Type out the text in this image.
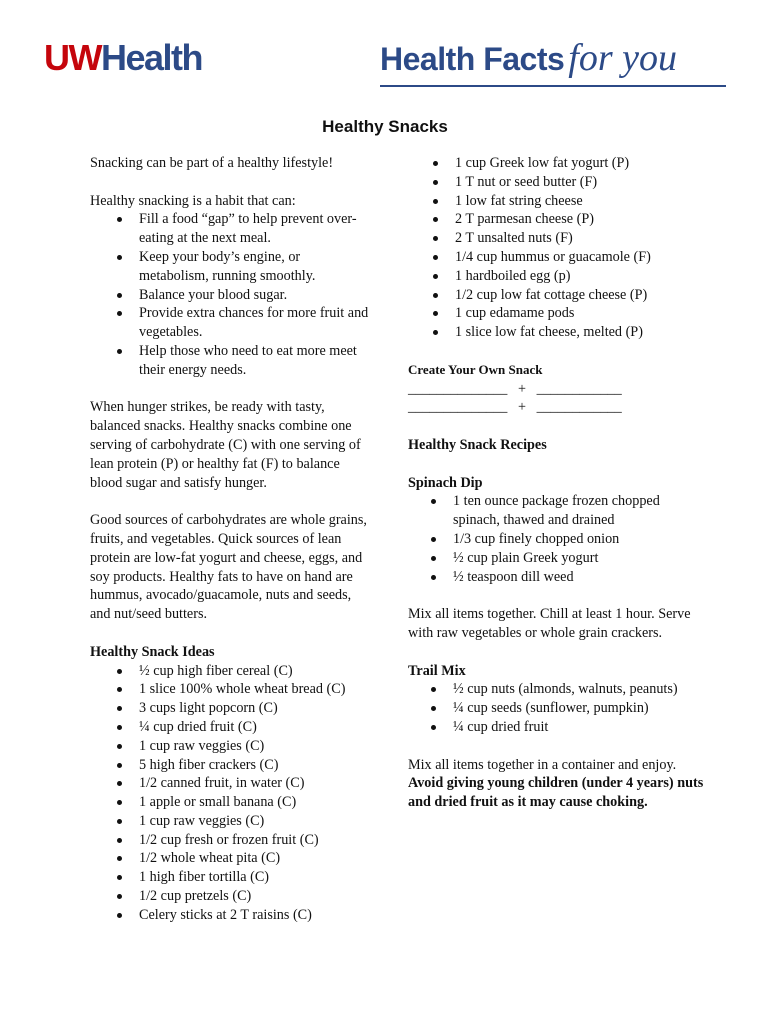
UWHealth	Health Facts for you
Healthy Snacks

Snacking can be part of a healthy lifestyle!

Healthy snacking is a habit that can:

Fill a food “gap” to help prevent over-eating at the next meal.
Keep your body’s engine, or metabolism, running smoothly.
Balance your blood sugar.
Provide extra chances for more fruit and vegetables.
Help those who need to eat more meet their energy needs.

When hunger strikes, be ready with tasty, balanced snacks. Healthy snacks combine one serving of carbohydrate (C) with one serving of lean protein (P) or healthy fat (F) to balance blood sugar and satisfy hunger.

Good sources of carbohydrates are whole grains, fruits, and vegetables. Quick sources of lean protein are low-fat yogurt and cheese, eggs, and soy products. Healthy fats to have on hand are hummus, avocado/guacamole, nuts and seeds, and nut/seed butters.

Healthy Snack Ideas

½ cup high fiber cereal (C)
1 slice 100% whole wheat bread (C)
3 cups light popcorn (C)
¼ cup dried fruit (C)
1 cup raw veggies (C)
5 high fiber crackers (C)
1/2 canned fruit, in water (C)
1 apple or small banana (C)
1 cup raw veggies (C)
1/2 cup fresh or frozen fruit (C)
1/2 whole wheat pita (C)
1 high fiber tortilla (C)
1/2 cup pretzels (C)
Celery sticks at 2 T raisins (C)
1 cup Greek low fat yogurt (P)
1 T nut or seed butter (F)
1 low fat string cheese
2 T parmesan cheese (P)
2 T unsalted nuts (F)
1/4 cup hummus or guacamole (F)
1 hardboiled egg (p)
1/2 cup low fat cottage cheese (P)
1 cup edamame pods
1 slice low fat cheese, melted (P)

Create Your Own Snack

______________   +   ____________

______________   +   ____________

Healthy Snack Recipes

Spinach Dip

1 ten ounce package frozen chopped spinach, thawed and drained
1/3 cup finely chopped onion
½ cup plain Greek yogurt
½ teaspoon dill weed

Mix all items together. Chill at least 1 hour. Serve with raw vegetables or whole grain crackers.

Trail Mix

½ cup nuts (almonds, walnuts, peanuts)
¼ cup seeds (sunflower, pumpkin)
¼ cup dried fruit

Mix all items together in a container and enjoy. Avoid giving young children (under 4 years) nuts and dried fruit as it may cause choking.
